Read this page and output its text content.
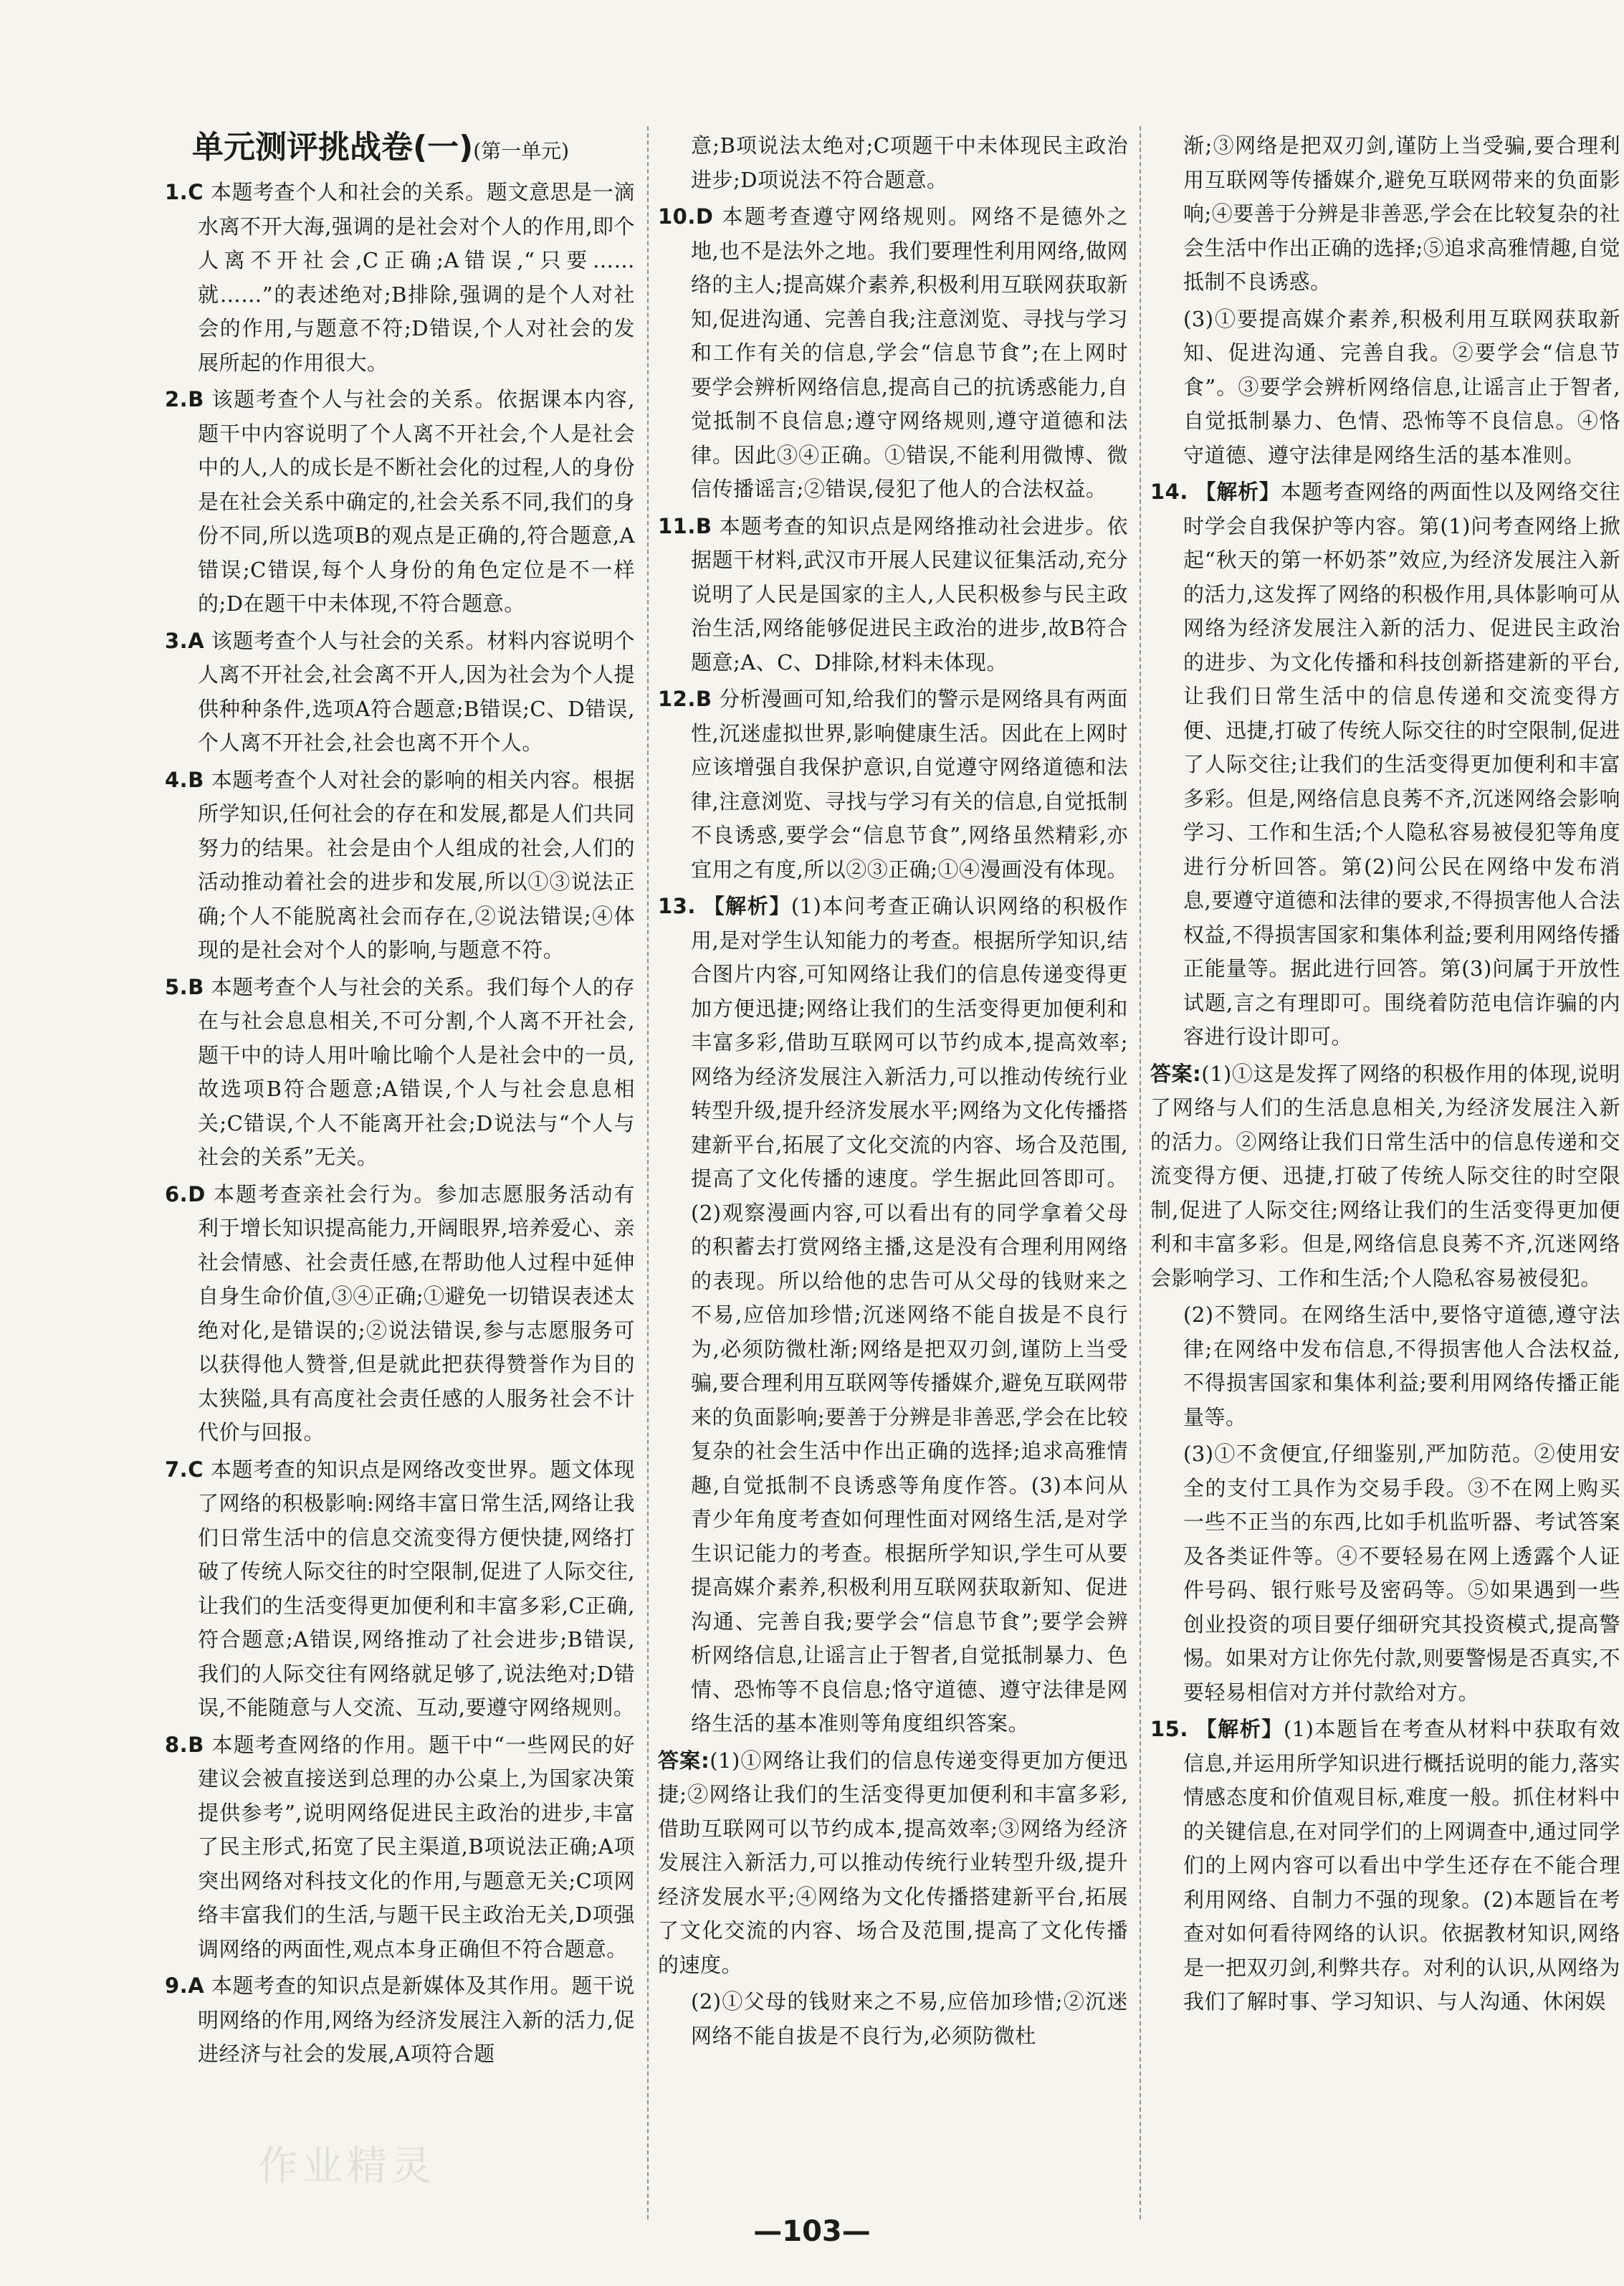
单元测评挑战卷(一)(第一单元)

1.C 本题考查个人和社会的关系。题文意思是一滴水离不开大海,强调的是社会对个人的作用,即个人离不开社会,C正确;A错误,“只要……就……”的表述绝对;B排除,强调的是个人对社会的作用,与题意不符;D错误,个人对社会的发展所起的作用很大。

2.B 该题考查个人与社会的关系。依据课本内容,题干中内容说明了个人离不开社会,个人是社会中的人,人的成长是不断社会化的过程,人的身份是在社会关系中确定的,社会关系不同,我们的身份不同,所以选项B的观点是正确的,符合题意,A错误;C错误,每个人身份的角色定位是不一样的;D在题干中未体现,不符合题意。

3.A 该题考查个人与社会的关系。材料内容说明个人离不开社会,社会离不开人,因为社会为个人提供种种条件,选项A符合题意;B错误;C、D错误,个人离不开社会,社会也离不开个人。

4.B 本题考查个人对社会的影响的相关内容。根据所学知识,任何社会的存在和发展,都是人们共同努力的结果。社会是由个人组成的社会,人们的活动推动着社会的进步和发展,所以①③说法正确;个人不能脱离社会而存在,②说法错误;④体现的是社会对个人的影响,与题意不符。

5.B 本题考查个人与社会的关系。我们每个人的存在与社会息息相关,不可分割,个人离不开社会,题干中的诗人用叶喻比喻个人是社会中的一员,故选项B符合题意;A错误,个人与社会息息相关;C错误,个人不能离开社会;D说法与“个人与社会的关系”无关。

6.D 本题考查亲社会行为。参加志愿服务活动有利于增长知识提高能力,开阔眼界,培养爱心、亲社会情感、社会责任感,在帮助他人过程中延伸自身生命价值,③④正确;①避免一切错误表述太绝对化,是错误的;②说法错误,参与志愿服务可以获得他人赞誉,但是就此把获得赞誉作为目的太狭隘,具有高度社会责任感的人服务社会不计代价与回报。

7.C 本题考查的知识点是网络改变世界。题文体现了网络的积极影响:网络丰富日常生活,网络让我们日常生活中的信息交流变得方便快捷,网络打破了传统人际交往的时空限制,促进了人际交往,让我们的生活变得更加便利和丰富多彩,C正确,符合题意;A错误,网络推动了社会进步;B错误,我们的人际交往有网络就足够了,说法绝对;D错误,不能随意与人交流、互动,要遵守网络规则。

8.B 本题考查网络的作用。题干中“一些网民的好建议会被直接送到总理的办公桌上,为国家决策提供参考”,说明网络促进民主政治的进步,丰富了民主形式,拓宽了民主渠道,B项说法正确;A项突出网络对科技文化的作用,与题意无关;C项网络丰富我们的生活,与题干民主政治无关,D项强调网络的两面性,观点本身正确但不符合题意。

9.A 本题考查的知识点是新媒体及其作用。题干说明网络的作用,网络为经济发展注入新的活力,促进经济与社会的发展,A项符合题

意;B项说法太绝对;C项题干中未体现民主政治进步;D项说法不符合题意。

10.D 本题考查遵守网络规则。网络不是德外之地,也不是法外之地。我们要理性利用网络,做网络的主人;提高媒介素养,积极利用互联网获取新知,促进沟通、完善自我;注意浏览、寻找与学习和工作有关的信息,学会“信息节食”;在上网时要学会辨析网络信息,提高自己的抗诱惑能力,自觉抵制不良信息;遵守网络规则,遵守道德和法律。因此③④正确。①错误,不能利用微博、微信传播谣言;②错误,侵犯了他人的合法权益。

11.B 本题考查的知识点是网络推动社会进步。依据题干材料,武汉市开展人民建议征集活动,充分说明了人民是国家的主人,人民积极参与民主政治生活,网络能够促进民主政治的进步,故B符合题意;A、C、D排除,材料未体现。

12.B 分析漫画可知,给我们的警示是网络具有两面性,沉迷虚拟世界,影响健康生活。因此在上网时应该增强自我保护意识,自觉遵守网络道德和法律,注意浏览、寻找与学习有关的信息,自觉抵制不良诱惑,要学会“信息节食”,网络虽然精彩,亦宜用之有度,所以②③正确;①④漫画没有体现。

13. 【解析】(1)本问考查正确认识网络的积极作用,是对学生认知能力的考查。根据所学知识,结合图片内容,可知网络让我们的信息传递变得更加方便迅捷;网络让我们的生活变得更加便利和丰富多彩,借助互联网可以节约成本,提高效率;网络为经济发展注入新活力,可以推动传统行业转型升级,提升经济发展水平;网络为文化传播搭建新平台,拓展了文化交流的内容、场合及范围,提高了文化传播的速度。学生据此回答即可。(2)观察漫画内容,可以看出有的同学拿着父母的积蓄去打赏网络主播,这是没有合理利用网络的表现。所以给他的忠告可从父母的钱财来之不易,应倍加珍惜;沉迷网络不能自拔是不良行为,必须防微杜渐;网络是把双刃剑,谨防上当受骗,要合理利用互联网等传播媒介,避免互联网带来的负面影响;要善于分辨是非善恶,学会在比较复杂的社会生活中作出正确的选择;追求高雅情趣,自觉抵制不良诱惑等角度作答。(3)本问从青少年角度考查如何理性面对网络生活,是对学生识记能力的考查。根据所学知识,学生可从要提高媒介素养,积极利用互联网获取新知、促进沟通、完善自我;要学会“信息节食”;要学会辨析网络信息,让谣言止于智者,自觉抵制暴力、色情、恐怖等不良信息;恪守道德、遵守法律是网络生活的基本准则等角度组织答案。

答案:(1)①网络让我们的信息传递变得更加方便迅捷;②网络让我们的生活变得更加便利和丰富多彩,借助互联网可以节约成本,提高效率;③网络为经济发展注入新活力,可以推动传统行业转型升级,提升经济发展水平;④网络为文化传播搭建新平台,拓展了文化交流的内容、场合及范围,提高了文化传播的速度。

(2)①父母的钱财来之不易,应倍加珍惜;②沉迷网络不能自拔是不良行为,必须防微杜

渐;③网络是把双刃剑,谨防上当受骗,要合理利用互联网等传播媒介,避免互联网带来的负面影响;④要善于分辨是非善恶,学会在比较复杂的社会生活中作出正确的选择;⑤追求高雅情趣,自觉抵制不良诱惑。

(3)①要提高媒介素养,积极利用互联网获取新知、促进沟通、完善自我。②要学会“信息节食”。③要学会辨析网络信息,让谣言止于智者,自觉抵制暴力、色情、恐怖等不良信息。④恪守道德、遵守法律是网络生活的基本准则。

14. 【解析】本题考查网络的两面性以及网络交往时学会自我保护等内容。第(1)问考查网络上掀起“秋天的第一杯奶茶”效应,为经济发展注入新的活力,这发挥了网络的积极作用,具体影响可从网络为经济发展注入新的活力、促进民主政治的进步、为文化传播和科技创新搭建新的平台,让我们日常生活中的信息传递和交流变得方便、迅捷,打破了传统人际交往的时空限制,促进了人际交往;让我们的生活变得更加便利和丰富多彩。但是,网络信息良莠不齐,沉迷网络会影响学习、工作和生活;个人隐私容易被侵犯等角度进行分析回答。第(2)问公民在网络中发布消息,要遵守道德和法律的要求,不得损害他人合法权益,不得损害国家和集体利益;要利用网络传播正能量等。据此进行回答。第(3)问属于开放性试题,言之有理即可。围绕着防范电信诈骗的内容进行设计即可。

答案:(1)①这是发挥了网络的积极作用的体现,说明了网络与人们的生活息息相关,为经济发展注入新的活力。②网络让我们日常生活中的信息传递和交流变得方便、迅捷,打破了传统人际交往的时空限制,促进了人际交往;网络让我们的生活变得更加便利和丰富多彩。但是,网络信息良莠不齐,沉迷网络会影响学习、工作和生活;个人隐私容易被侵犯。

(2)不赞同。在网络生活中,要恪守道德,遵守法律;在网络中发布信息,不得损害他人合法权益,不得损害国家和集体利益;要利用网络传播正能量等。

(3)①不贪便宜,仔细鉴别,严加防范。②使用安全的支付工具作为交易手段。③不在网上购买一些不正当的东西,比如手机监听器、考试答案及各类证件等。④不要轻易在网上透露个人证件号码、银行账号及密码等。⑤如果遇到一些创业投资的项目要仔细研究其投资模式,提高警惕。如果对方让你先付款,则要警惕是否真实,不要轻易相信对方并付款给对方。

15. 【解析】(1)本题旨在考查从材料中获取有效信息,并运用所学知识进行概括说明的能力,落实情感态度和价值观目标,难度一般。抓住材料中的关键信息,在对同学们的上网调查中,通过同学们的上网内容可以看出中学生还存在不能合理利用网络、自制力不强的现象。(2)本题旨在考查对如何看待网络的认识。依据教材知识,网络是一把双刃剑,利弊共存。对利的认识,从网络为我们了解时事、学习知识、与人沟通、休闲娱

作业精灵
—103—
